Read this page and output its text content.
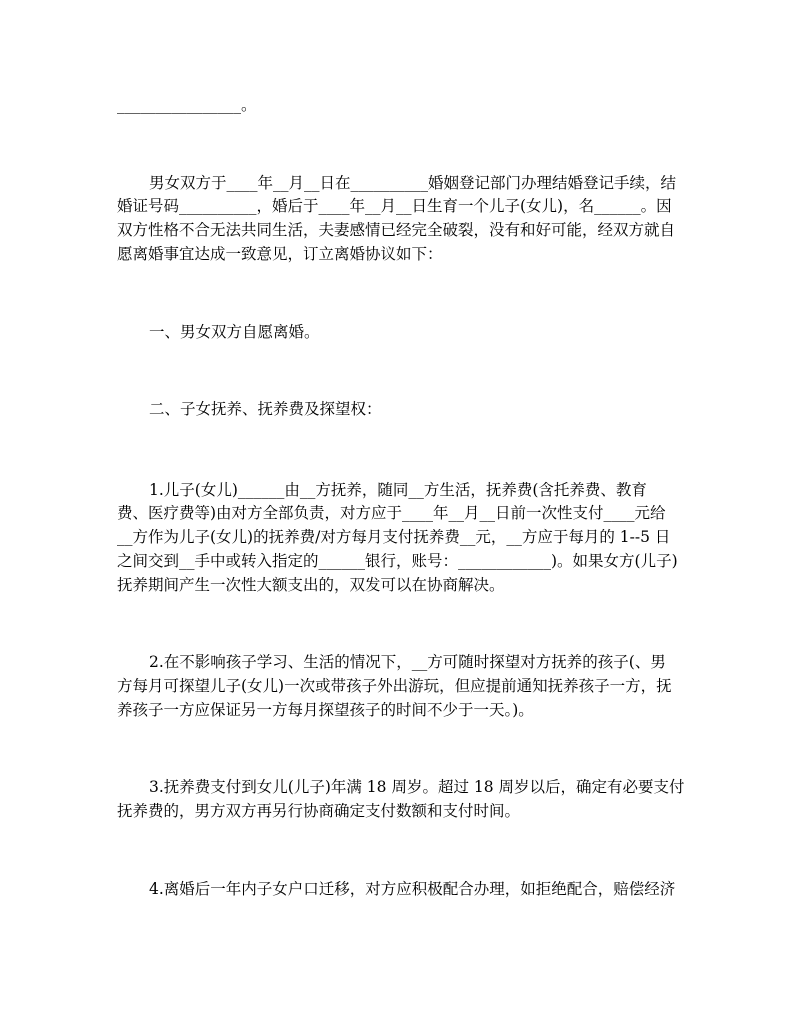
________________。
男女双方于____年__月__日在__________婚姻登记部门办理结婚登记手续，结
婚证号码__________，婚后于____年__月__日生育一个儿子(女儿)，名______。因
双方性格不合无法共同生活，夫妻感情已经完全破裂，没有和好可能，经双方就自
愿离婚事宜达成一致意见，订立离婚协议如下：
一、男女双方自愿离婚。
二、子女抚养、抚养费及探望权：
1.儿子(女儿)______由__方抚养，随同__方生活，抚养费(含托养费、教育
费、医疗费等)由对方全部负责，对方应于____年__月__日前一次性支付____元给
__方作为儿子(女儿)的抚养费/对方每月支付抚养费__元，__方应于每月的 1--5 日
之间交到__手中或转入指定的______银行，账号：____________)。如果女方(儿子)
抚养期间产生一次性大额支出的，双发可以在协商解决。
2.在不影响孩子学习、生活的情况下，__方可随时探望对方抚养的孩子(、男
方每月可探望儿子(女儿)一次或带孩子外出游玩，但应提前通知抚养孩子一方，抚
养孩子一方应保证另一方每月探望孩子的时间不少于一天。)。
3.抚养费支付到女儿(儿子)年满 18 周岁。超过 18 周岁以后，确定有必要支付
抚养费的，男方双方再另行协商确定支付数额和支付时间。
4.离婚后一年内子女户口迁移，对方应积极配合办理，如拒绝配合，赔偿经济
